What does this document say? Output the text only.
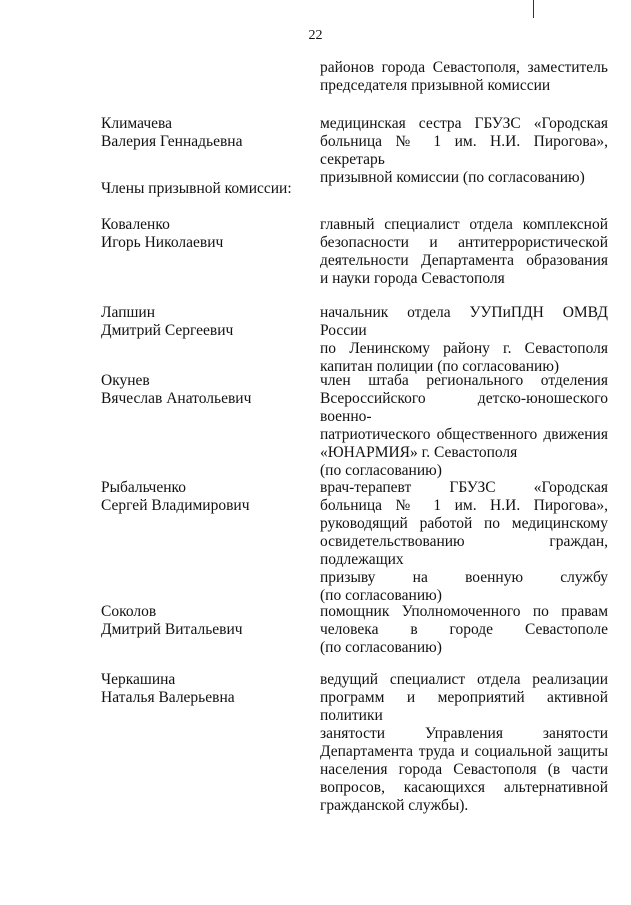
22
районов города Севастополя, заместитель
председателя призывной комиссии
Климачева
Валерия Геннадьевна
медицинская сестра ГБУЗС «Городская
больница № 1 им. Н.И. Пирогова», секретарь
призывной комиссии (по согласованию)
Члены призывной комиссии:
Коваленко
Игорь Николаевич
главный специалист отдела комплексной
безопасности и антитеррористической
деятельности Департамента образования
и науки города Севастополя
Лапшин
Дмитрий Сергеевич
начальник отдела УУПиПДН ОМВД России
по Ленинскому району г. Севастополя
капитан полиции (по согласованию)
Окунев
Вячеслав Анатольевич
член штаба регионального отделения
Всероссийского детско-юношеского военно-
патриотического общественного движения
«ЮНАРМИЯ» г. Севастополя
(по согласованию)
Рыбальченко
Сергей Владимирович
врач-терапевт ГБУЗС «Городская
больница № 1 им. Н.И. Пирогова»,
руководящий работой по медицинскому
освидетельствованию граждан, подлежащих
призыву на военную службу
(по согласованию)
Соколов
Дмитрий Витальевич
помощник Уполномоченного по правам
человека в городе Севастополе
(по согласованию)
Черкашина
Наталья Валерьевна
ведущий специалист отдела реализации
программ и мероприятий активной политики
занятости Управления занятости
Департамента труда и социальной защиты
населения города Севастополя (в части
вопросов, касающихся альтернативной
гражданской службы).
